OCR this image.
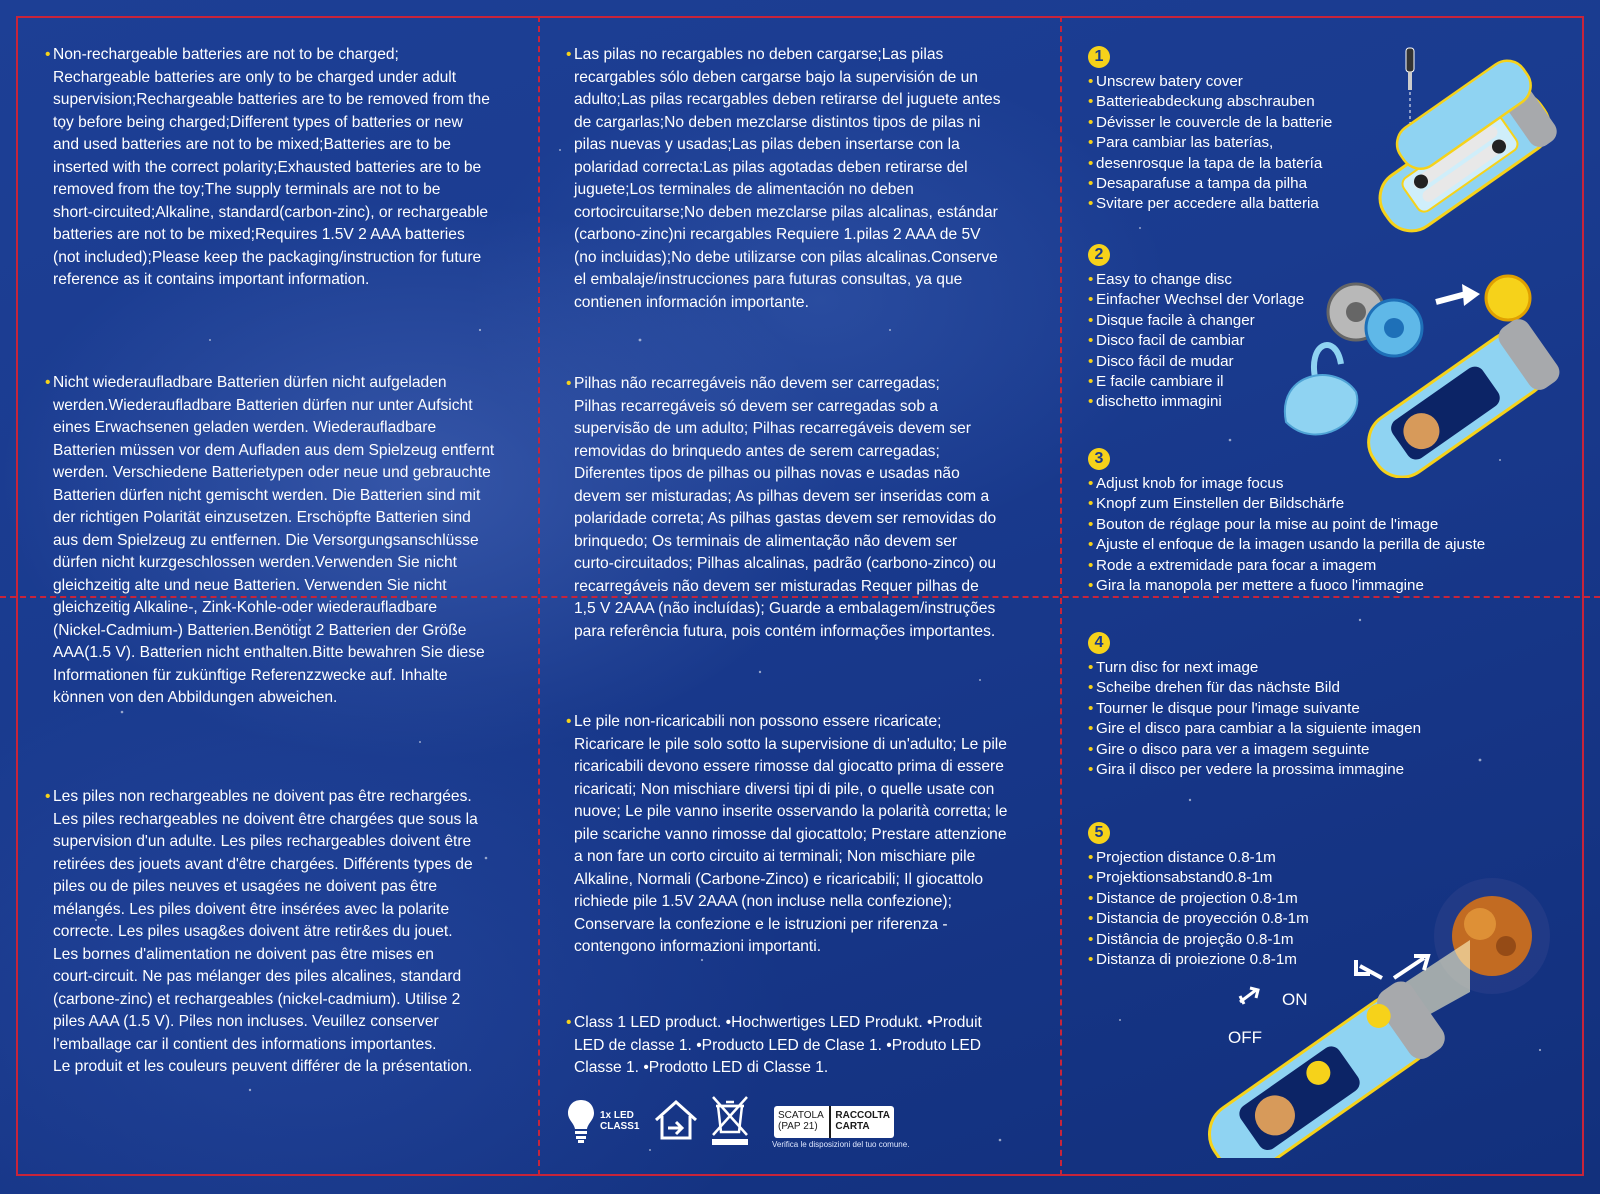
• Non-rechargeable batteries are not to be charged;

Rechargeable batteries are only to be charged under adult

supervision;Rechargeable batteries are to be removed from the

toy before being charged;Different types of batteries or new

and used batteries are not to be mixed;Batteries are to be

inserted with the correct polarity;Exhausted batteries are to be

removed from the toy;The supply terminals are not to be

short-circuited;Alkaline, standard(carbon-zinc), or rechargeable

batteries are not to be mixed;Requires 1.5V 2 AAA batteries

(not included);Please keep the packaging/instruction for future

reference as it contains important information.

• Nicht wiederaufladbare Batterien dürfen nicht aufgeladen

werden.Wiederaufladbare Batterien dürfen nur unter Aufsicht

eines Erwachsenen geladen werden. Wiederaufladbare

Batterien müssen vor dem Aufladen aus dem Spielzeug entfernt

werden. Verschiedene Batterietypen oder neue und gebrauchte

Batterien dürfen nicht gemischt werden. Die Batterien sind mit

der richtigen Polarität einzusetzen. Erschöpfte Batterien sind

aus dem Spielzeug zu entfernen. Die Versorgungsanschlüsse

dürfen nicht kurzgeschlossen werden.Verwenden Sie nicht

gleichzeitig alte und neue Batterien. Verwenden Sie nicht

gleichzeitig Alkaline-, Zink-Kohle-oder wiederaufladbare

(Nickel-Cadmium-) Batterien.Benötigt 2 Batterien der Größe

AAA(1.5 V). Batterien nicht enthalten.Bitte bewahren Sie diese

Informationen für zukünftige Referenzzwecke auf. Inhalte

können von den Abbildungen abweichen.

• Les piles non rechargeables ne doivent pas être rechargées.

Les piles rechargeables ne doivent être chargées que sous la

supervision d'un adulte. Les piles rechargeables doivent être

retirées des jouets avant d'être chargées. Différents types de

piles ou de piles neuves et usagées ne doivent pas être

mélangés. Les piles doivent être insérées avec la polarite

correcte. Les piles usag&es doivent ätre retir&es du jouet.

Les bornes d'alimentation ne doivent pas être mises en

court-circuit. Ne pas mélanger des piles alcalines, standard

(carbone-zinc) et rechargeables (nickel-cadmium). Utilise 2

piles AAA (1.5 V). Piles non incluses. Veuillez conserver

l'emballage car il contient des informations importantes.

Le produit et les couleurs peuvent différer de la présentation.

• Las pilas no recargables no deben cargarse;Las pilas

recargables sólo deben cargarse bajo la supervisión de un

adulto;Las pilas recargables deben retirarse del juguete antes

de cargarlas;No deben mezclarse distintos tipos de pilas ni

pilas nuevas y usadas;Las pilas deben insertarse con la

polaridad correcta:Las pilas agotadas deben retirarse del

juguete;Los terminales de alimentación no deben

cortocircuitarse;No deben mezclarse pilas alcalinas, estándar

(carbono-zinc)ni recargables Requiere 1.pilas 2 AAA de 5V

(no incluidas);No debe utilizarse con pilas alcalinas.Conserve

el embalaje/instrucciones para futuras consultas, ya que

contienen información importante.

• Pilhas não recarregáveis não devem ser carregadas;

Pilhas recarregáveis só devem ser carregadas sob a

supervisão de um adulto; Pilhas recarregáveis devem ser

removidas do brinquedo antes de serem carregadas;

Diferentes tipos de pilhas ou pilhas novas e usadas não

devem ser misturadas; As pilhas devem ser inseridas com a

polaridade correta; As pilhas gastas devem ser removidas do

brinquedo; Os terminais de alimentação não devem ser

curto-circuitados; Pilhas alcalinas, padrão (carbono-zinco) ou

recarregáveis não devem ser misturadas Requer pilhas de

1,5 V 2AAA (não incluídas); Guarde a embalagem/instruções

para referência futura, pois contém informações importantes.

• Le pile non-ricaricabili non possono essere ricaricate;

Ricaricare le pile solo sotto la supervisione di un'adulto; Le pile

ricaricabili devono essere rimosse dal giocatto prima di essere

ricaricati; Non mischiare diversi tipi di pile, o quelle usate con

nuove; Le pile vanno inserite osservando la polarità corretta; le

pile scariche vanno rimosse dal giocattolo; Prestare attenzione

a non fare un corto circuito ai terminali; Non mischiare pile

Alkaline, Normali (Carbone-Zinco) e ricaricabili; Il giocattolo

richiede pile 1.5V 2AAA (non incluse nella confezione);

Conservare la confezione e le istruzioni per riferenza -

contengono informazioni importanti.

• Class 1 LED product. •Hochwertiges LED Produkt. •Produit

LED de classe 1. •Producto LED de Clase 1. •Produto LED

Classe 1. •Prodotto LED di Classe 1.

1x LED
CLASS1
SCATOLA
(PAP 21)
RACCOLTA
CARTA
Verifica le disposizioni del tuo comune.
1
• Unscrew batery cover
• Batterieabdeckung abschrauben
• Dévisser le couvercle de la batterie
• Para cambiar las baterías,
• desenrosque la tapa de la batería
• Desaparafuse a tampa da pilha
• Svitare per accedere alla batteria
2
• Easy to change disc
• Einfacher Wechsel der Vorlage
• Disque facile à changer
• Disco facil de cambiar
• Disco fácil de mudar
• E facile cambiare il
• dischetto immagini
3
• Adjust knob for image focus
• Knopf zum Einstellen der Bildschärfe
• Bouton de réglage pour la mise au point de l'image
• Ajuste el enfoque de la imagen usando la perilla de ajuste
• Rode a extremidade para focar a imagem
• Gira la manopola per mettere a fuoco l'immagine
4
• Turn disc for next image
• Scheibe drehen für das nächste Bild
• Tourner le disque pour l'image suivante
• Gire el disco para cambiar a la siguiente imagen
• Gire o disco para ver a imagem seguinte
• Gira il disco per vedere la prossima immagine
5
• Projection distance 0.8-1m
• Projektionsabstand0.8-1m
• Distance de projection 0.8-1m
• Distancia de proyección 0.8-1m
• Distância de projeção 0.8-1m
• Distanza di proiezione 0.8-1m
ON
OFF
